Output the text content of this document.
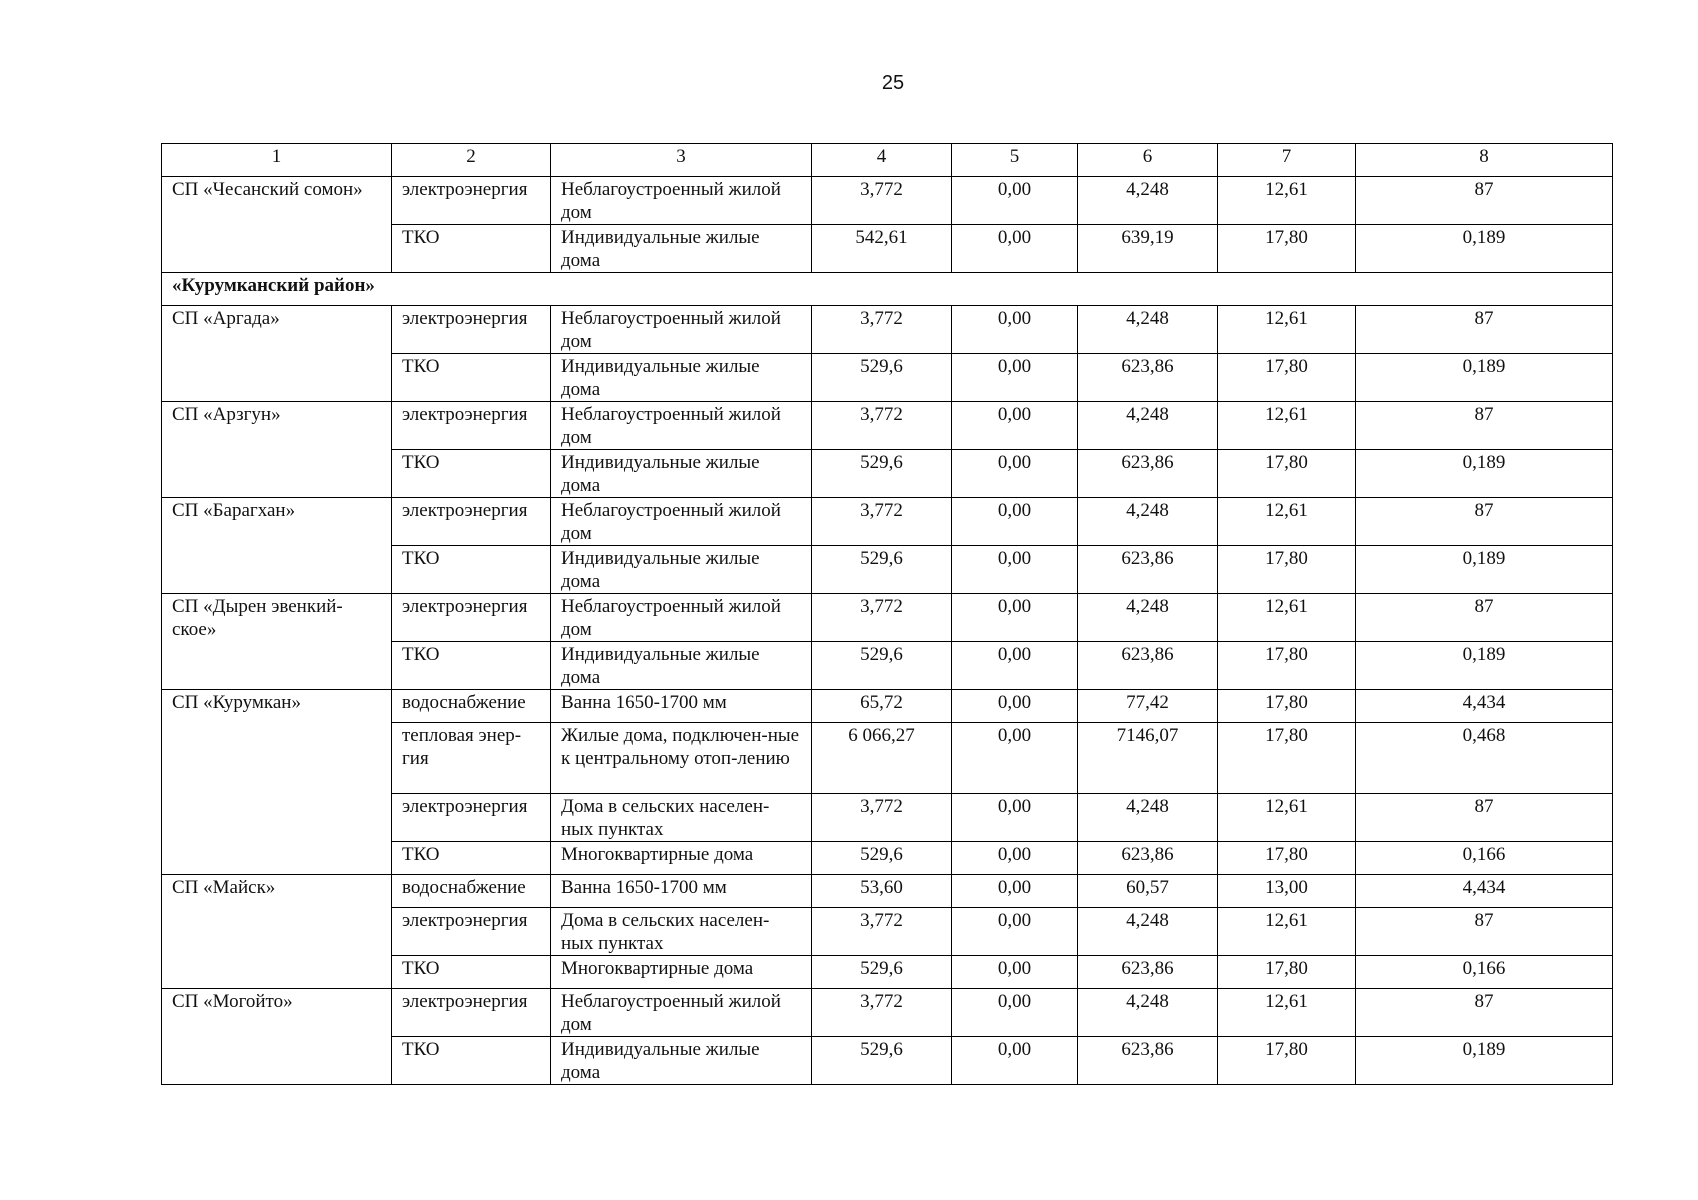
25
1	2	3	4	5	6	7	8
СП «Чесанский сомон»	электроэнергия	Неблагоустроенный жилой дом	3,772	0,00	4,248	12,61	87
	ТКО	Индивидуальные жилые дома	542,61	0,00	639,19	17,80	0,189
«Курумканский район»							
СП «Аргада»	электроэнергия	Неблагоустроенный жилой дом	3,772	0,00	4,248	12,61	87
	ТКО	Индивидуальные жилые дома	529,6	0,00	623,86	17,80	0,189
СП «Арзгун»	электроэнергия	Неблагоустроенный жилой дом	3,772	0,00	4,248	12,61	87
	ТКО	Индивидуальные жилые дома	529,6	0,00	623,86	17,80	0,189
СП «Барагхан»	электроэнергия	Неблагоустроенный жилой дом	3,772	0,00	4,248	12,61	87
	ТКО	Индивидуальные жилые дома	529,6	0,00	623,86	17,80	0,189
СП «Дырен эвенкий-ское»	электроэнергия	Неблагоустроенный жилой дом	3,772	0,00	4,248	12,61	87
	ТКО	Индивидуальные жилые дома	529,6	0,00	623,86	17,80	0,189
СП «Курумкан»	водоснабжение	Ванна 1650-1700 мм	65,72	0,00	77,42	17,80	4,434
	тепловая энер-гия	Жилые дома, подключен-ные к центральному отоп-лению	6 066,27	0,00	7146,07	17,80	0,468
	электроэнергия	Дома в сельских населен-ных пунктах	3,772	0,00	4,248	12,61	87
	ТКО	Многоквартирные дома	529,6	0,00	623,86	17,80	0,166
СП «Майск»	водоснабжение	Ванна 1650-1700 мм	53,60	0,00	60,57	13,00	4,434
	электроэнергия	Дома в сельских населен-ных пунктах	3,772	0,00	4,248	12,61	87
	ТКО	Многоквартирные дома	529,6	0,00	623,86	17,80	0,166
СП «Могойто»	электроэнергия	Неблагоустроенный жилой дом	3,772	0,00	4,248	12,61	87
	ТКО	Индивидуальные жилые дома	529,6	0,00	623,86	17,80	0,189
